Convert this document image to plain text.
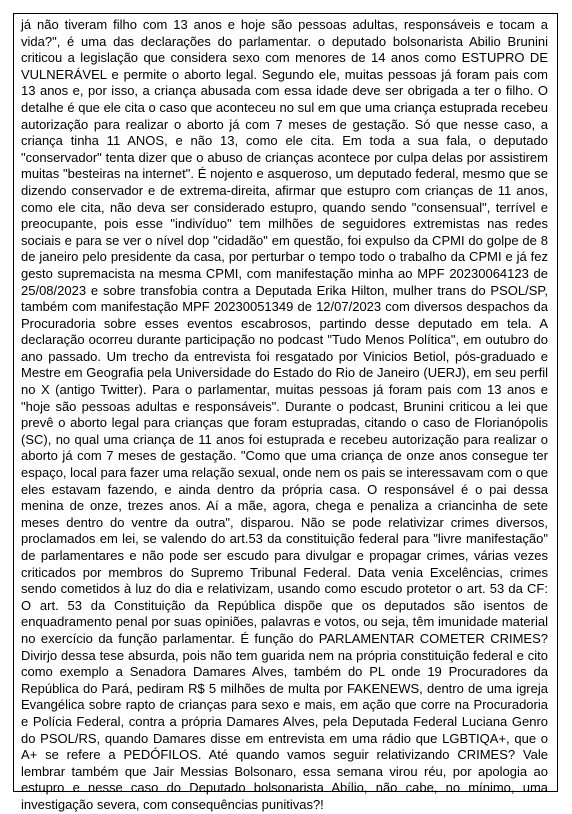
já não tiveram filho com 13 anos e hoje são pessoas adultas, responsáveis e tocam a vida?", é uma das declarações do parlamentar. o deputado bolsonarista Abilio Brunini criticou a legislação que considera sexo com menores de 14 anos como ESTUPRO DE VULNERÁVEL e permite o aborto legal. Segundo ele, muitas pessoas já foram pais com 13 anos e, por isso, a criança abusada com essa idade deve ser obrigada a ter o filho. O detalhe é que ele cita o caso que aconteceu no sul em que uma criança estuprada recebeu autorização para realizar o aborto já com 7 meses de gestação. Só que nesse caso, a criança tinha 11 ANOS, e não 13, como ele cita. Em toda a sua fala, o deputado "conservador" tenta dizer que o abuso de crianças acontece por culpa delas por assistirem muitas "besteiras na internet". É nojento e asqueroso, um deputado federal, mesmo que se dizendo conservador e de extrema-direita, afirmar que estupro com crianças de 11 anos, como ele cita, não deva ser considerado estupro, quando sendo "consensual", terrível e preocupante, pois esse "indivíduo" tem milhões de seguidores extremistas nas redes sociais e para se ver o nível dop "cidadão" em questão, foi expulso da CPMI do golpe de 8 de janeiro pelo presidente da casa, por perturbar o tempo todo o trabalho da CPMI e já fez gesto supremacista na mesma CPMI, com manifestação minha ao MPF 20230064123 de 25/08/2023 e sobre transfobia contra a Deputada Erika Hilton, mulher trans do PSOL/SP, também com manifestação MPF 20230051349 de 12/07/2023 com diversos despachos da Procuradoria sobre esses eventos escabrosos, partindo desse deputado em tela. A declaração ocorreu durante participação no podcast "Tudo Menos Política", em outubro do ano passado. Um trecho da entrevista foi resgatado por Vinicios Betiol, pós-graduado e Mestre em Geografia pela Universidade do Estado do Rio de Janeiro (UERJ), em seu perfil no X (antigo Twitter). Para o parlamentar, muitas pessoas já foram pais com 13 anos e "hoje são pessoas adultas e responsáveis". Durante o podcast, Brunini criticou a lei que prevê o aborto legal para crianças que foram estupradas, citando o caso de Florianópolis (SC), no qual uma criança de 11 anos foi estuprada e recebeu autorização para realizar o aborto já com 7 meses de gestação. "Como que uma criança de onze anos consegue ter espaço, local para fazer uma relação sexual, onde nem os pais se interessavam com o que eles estavam fazendo, e ainda dentro da própria casa. O responsável é o pai dessa menina de onze, trezes anos. Aí a mãe, agora, chega e penaliza a criancinha de sete meses dentro do ventre da outra", disparou. Não se pode relativizar crimes diversos, proclamados em lei, se valendo do art.53 da constituição federal para "livre manifestação" de parlamentares e não pode ser escudo para divulgar e propagar crimes, várias vezes criticados por membros do Supremo Tribunal Federal. Data venia Excelências, crimes sendo cometidos à luz do dia e relativizam, usando como escudo protetor o art. 53 da CF: O art. 53 da Constituição da República dispõe que os deputados são isentos de enquadramento penal por suas opiniões, palavras e votos, ou seja, têm imunidade material no exercício da função parlamentar. É função do PARLAMENTAR COMETER CRIMES? Divirjo dessa tese absurda, pois não tem guarida nem na própria constituição federal e cito como exemplo a Senadora Damares Alves, também do PL onde 19 Procuradores da República do Pará, pediram R$ 5 milhões de multa por FAKENEWS, dentro de uma igreja Evangélica sobre rapto de crianças para sexo e mais, em ação que corre na Procuradoria e Polícia Federal, contra a própria Damares Alves, pela Deputada Federal Luciana Genro do PSOL/RS, quando Damares disse em entrevista em uma rádio que LGBTIQA+, que o A+ se refere a PEDÓFILOS. Até quando vamos seguir relativizando CRIMES? Vale lembrar também que Jair Messias Bolsonaro, essa semana virou réu, por apologia ao estupro e nesse caso do Deputado bolsonarista Abílio, não cabe, no mínimo, uma investigação severa, com consequências punitivas?!
